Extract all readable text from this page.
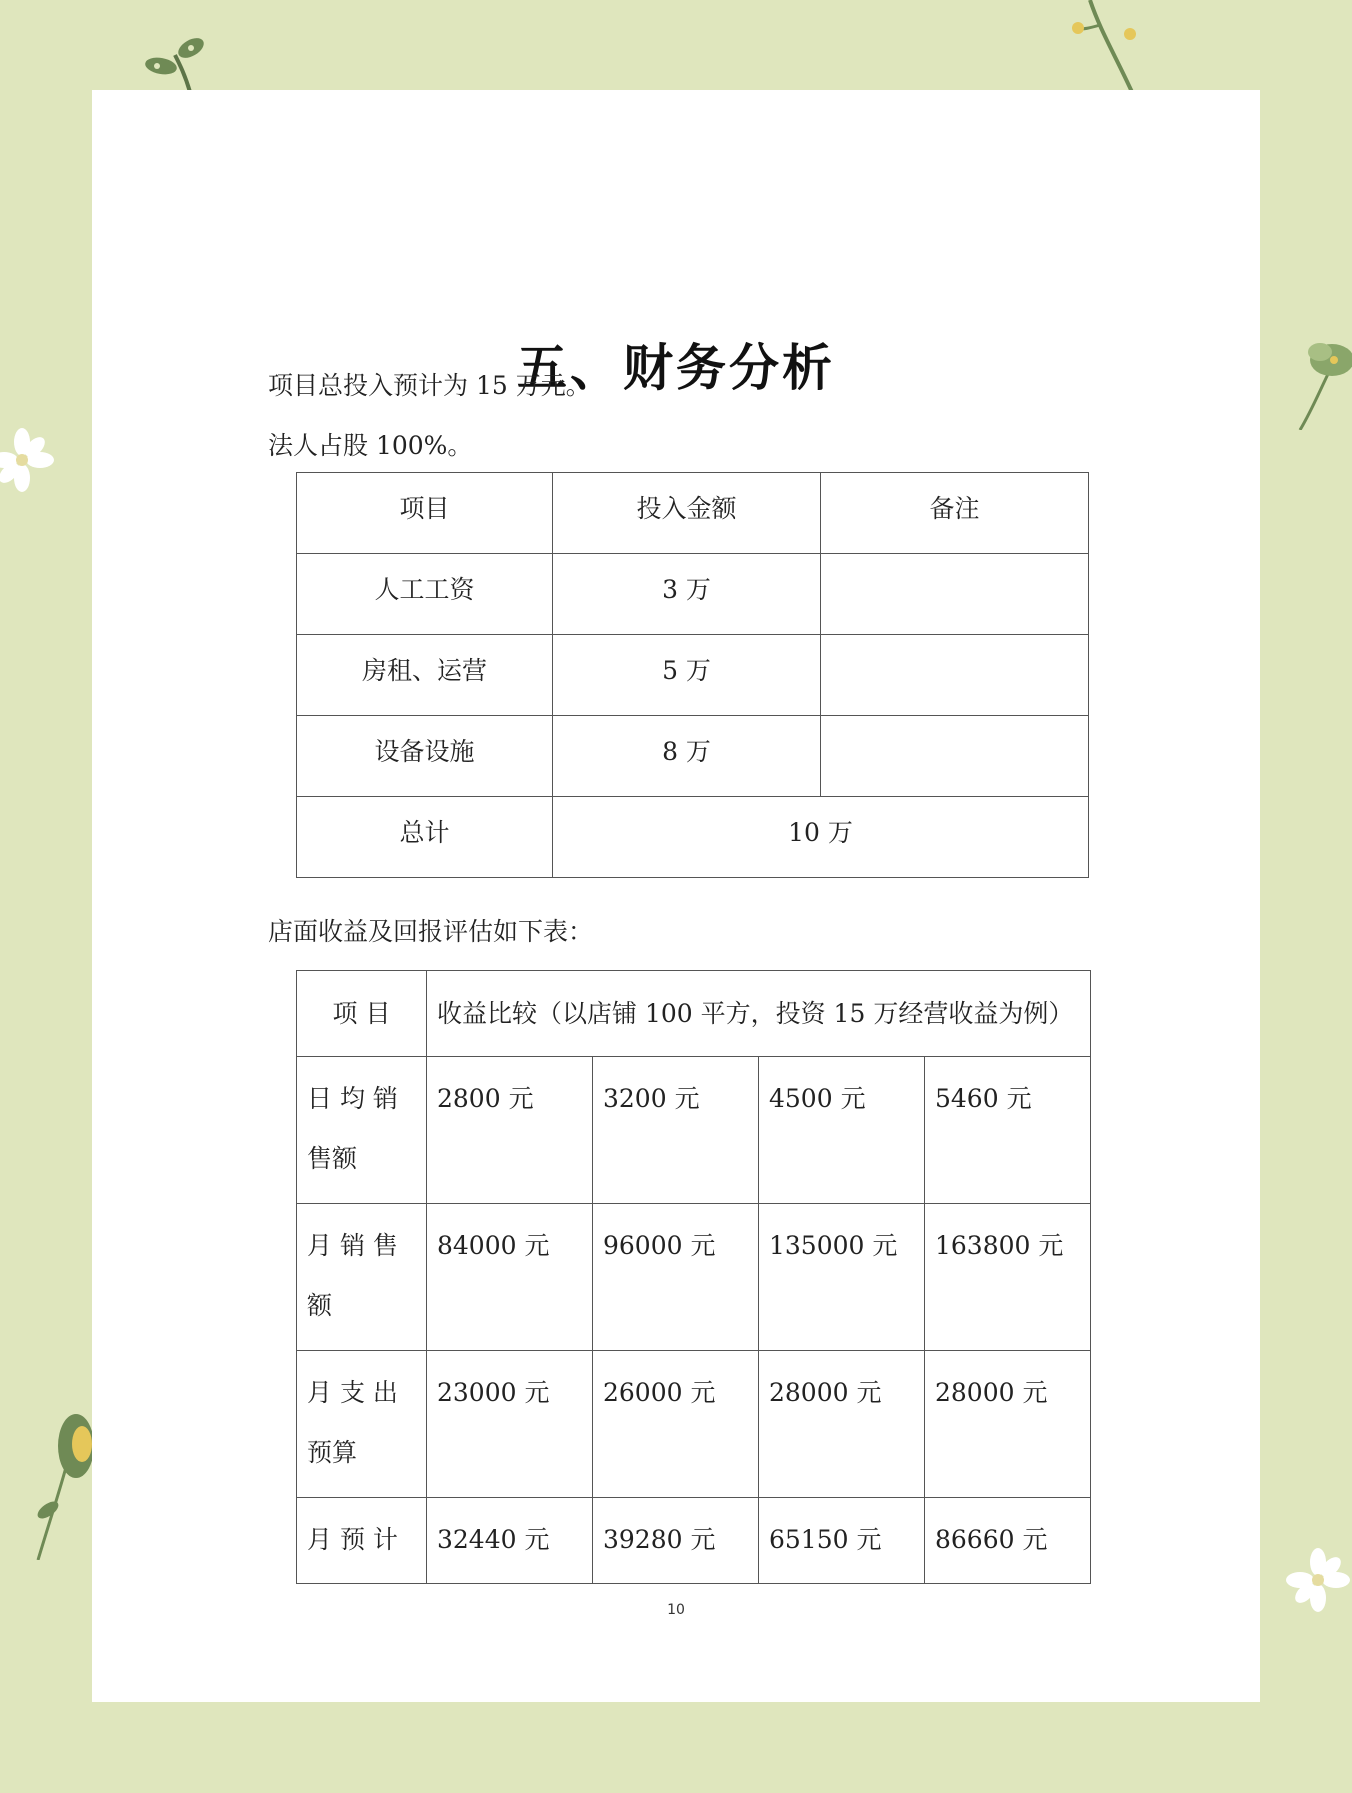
五、财务分析

项目总投入预计为 15 万元。

法人占股 100%。

项目	投入金额	备注
人工工资	3 万	
房租、运营	5 万	
设备设施	8 万	
总计	10 万	

店面收益及回报评估如下表：

项 目	收益比较（以店铺 100 平方，投资 15 万经营收益为例）			
日 均 销
售额	2800 元	3200 元	4500 元	5460 元
月 销 售
额	84000 元	96000 元	135000 元	163800 元
月 支 出
预算	23000 元	26000 元	28000 元	28000 元
月 预 计	32440 元	39280 元	65150 元	86660 元
10
